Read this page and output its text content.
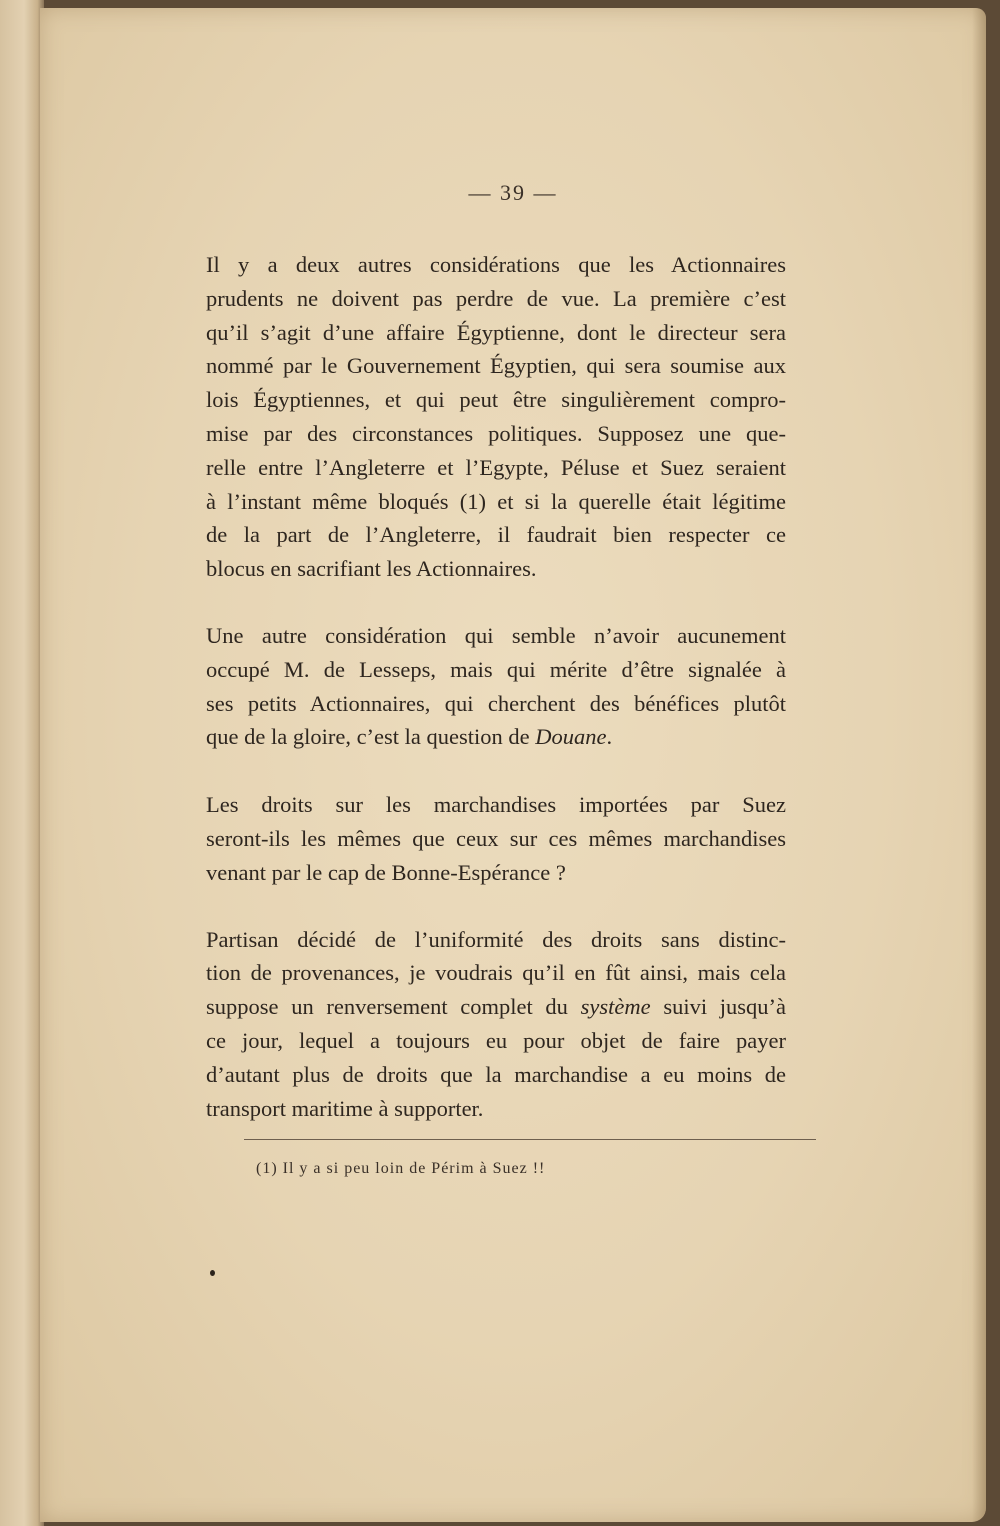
— 39 —

Il y a deux autres considérations que les Actionnaires
prudents ne doivent pas perdre de vue. La première c’est
qu’il s’agit d’une affaire Égyptienne, dont le directeur sera
nommé par le Gouvernement Égyptien, qui sera soumise aux
lois Égyptiennes, et qui peut être singulièrement compro-
mise par des circonstances politiques. Supposez une que-
relle entre l’Angleterre et l’Egypte, Péluse et Suez seraient
à l’instant même bloqués (1) et si la querelle était légitime
de la part de l’Angleterre, il faudrait bien respecter ce
blocus en sacrifiant les Actionnaires.

Une autre considération qui semble n’avoir aucunement
occupé M. de Lesseps, mais qui mérite d’être signalée à
ses petits Actionnaires, qui cherchent des bénéfices plutôt
que de la gloire, c’est la question de Douane.

Les droits sur les marchandises importées par Suez
seront-ils les mêmes que ceux sur ces mêmes marchandises
venant par le cap de Bonne-Espérance ?

Partisan décidé de l’uniformité des droits sans distinc-
tion de provenances, je voudrais qu’il en fût ainsi, mais cela
suppose un renversement complet du système suivi jusqu’à
ce jour, lequel a toujours eu pour objet de faire payer
d’autant plus de droits que la marchandise a eu moins de
transport maritime à supporter.

(1) Il y a si peu loin de Périm à Suez !!
